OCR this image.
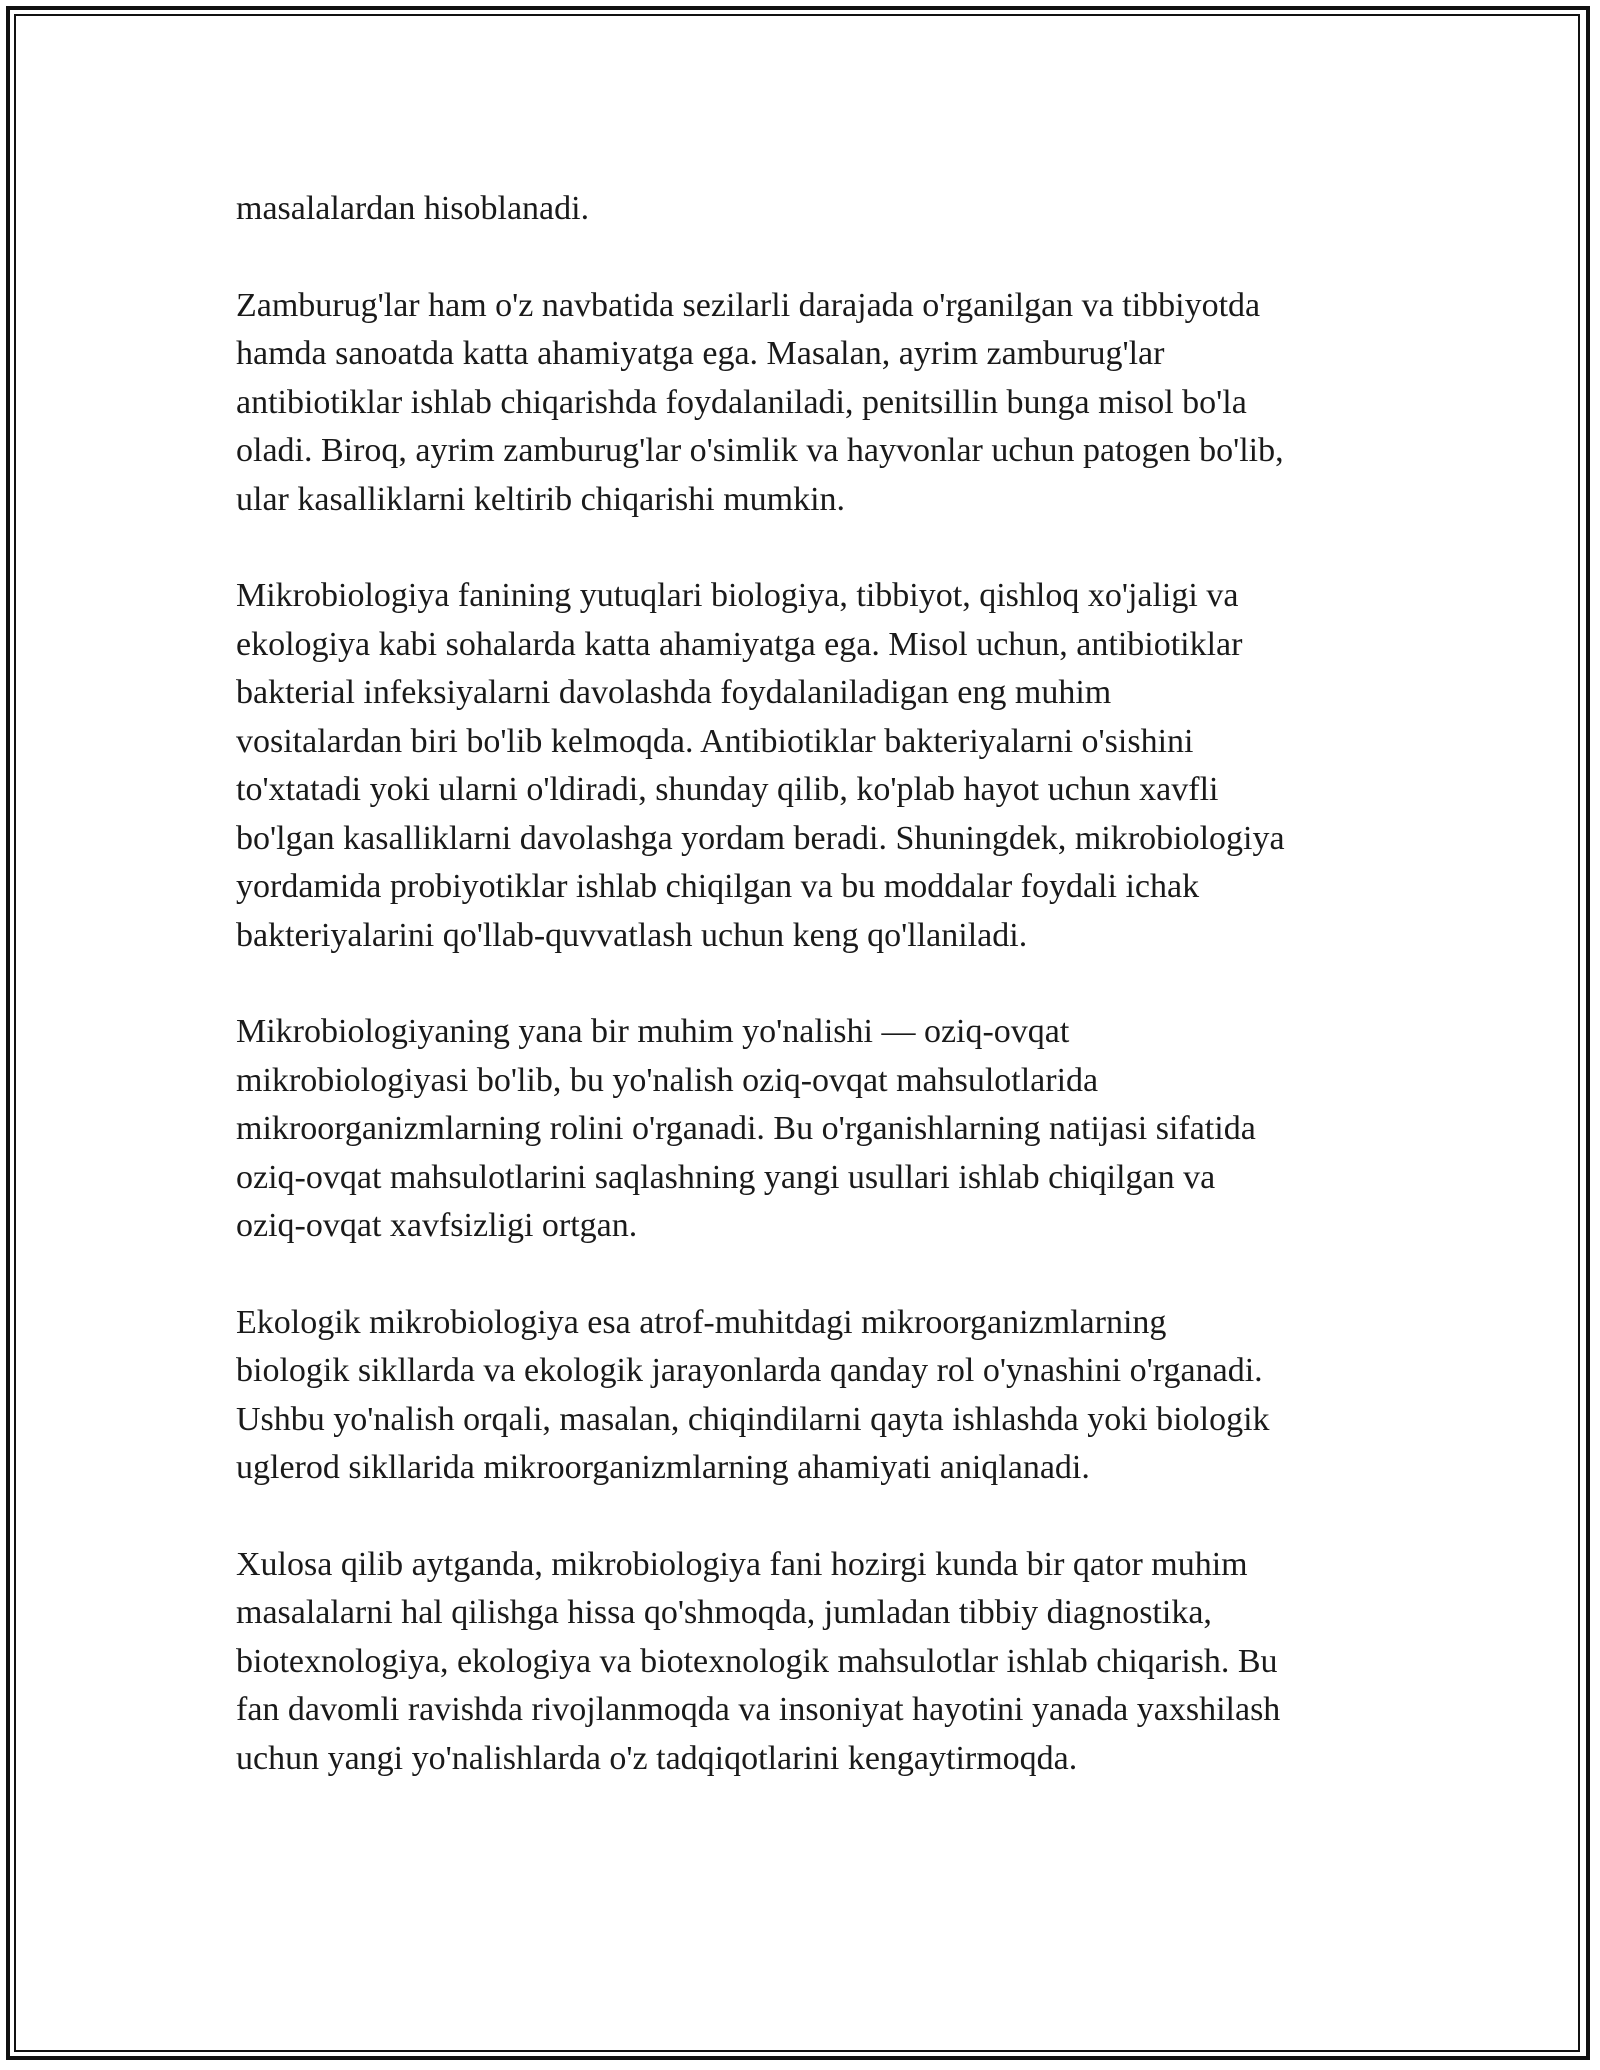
masalalardan hisoblanadi.

Zamburug'lar ham o'z navbatida sezilarli darajada o'rganilgan va tibbiyotda
hamda sanoatda katta ahamiyatga ega. Masalan, ayrim zamburug'lar
antibiotiklar ishlab chiqarishda foydalaniladi, penitsillin bunga misol bo'la
oladi. Biroq, ayrim zamburug'lar o'simlik va hayvonlar uchun patogen bo'lib,
ular kasalliklarni keltirib chiqarishi mumkin.

Mikrobiologiya fanining yutuqlari biologiya, tibbiyot, qishloq xo'jaligi va
ekologiya kabi sohalarda katta ahamiyatga ega. Misol uchun, antibiotiklar
bakterial infeksiyalarni davolashda foydalaniladigan eng muhim
vositalardan biri bo'lib kelmoqda. Antibiotiklar bakteriyalarni o'sishini
to'xtatadi yoki ularni o'ldiradi, shunday qilib, ko'plab hayot uchun xavfli
bo'lgan kasalliklarni davolashga yordam beradi. Shuningdek, mikrobiologiya
yordamida probiyotiklar ishlab chiqilgan va bu moddalar foydali ichak
bakteriyalarini qo'llab-quvvatlash uchun keng qo'llaniladi.

Mikrobiologiyaning yana bir muhim yo'nalishi — oziq-ovqat
mikrobiologiyasi bo'lib, bu yo'nalish oziq-ovqat mahsulotlarida
mikroorganizmlarning rolini o'rganadi. Bu o'rganishlarning natijasi sifatida
oziq-ovqat mahsulotlarini saqlashning yangi usullari ishlab chiqilgan va
oziq-ovqat xavfsizligi ortgan.

Ekologik mikrobiologiya esa atrof-muhitdagi mikroorganizmlarning
biologik sikllarda va ekologik jarayonlarda qanday rol o'ynashini o'rganadi.
Ushbu yo'nalish orqali, masalan, chiqindilarni qayta ishlashda yoki biologik
uglerod sikllarida mikroorganizmlarning ahamiyati aniqlanadi.

Xulosa qilib aytganda, mikrobiologiya fani hozirgi kunda bir qator muhim
masalalarni hal qilishga hissa qo'shmoqda, jumladan tibbiy diagnostika,
biotexnologiya, ekologiya va biotexnologik mahsulotlar ishlab chiqarish. Bu
fan davomli ravishda rivojlanmoqda va insoniyat hayotini yanada yaxshilash
uchun yangi yo'nalishlarda o'z tadqiqotlarini kengaytirmoqda.
